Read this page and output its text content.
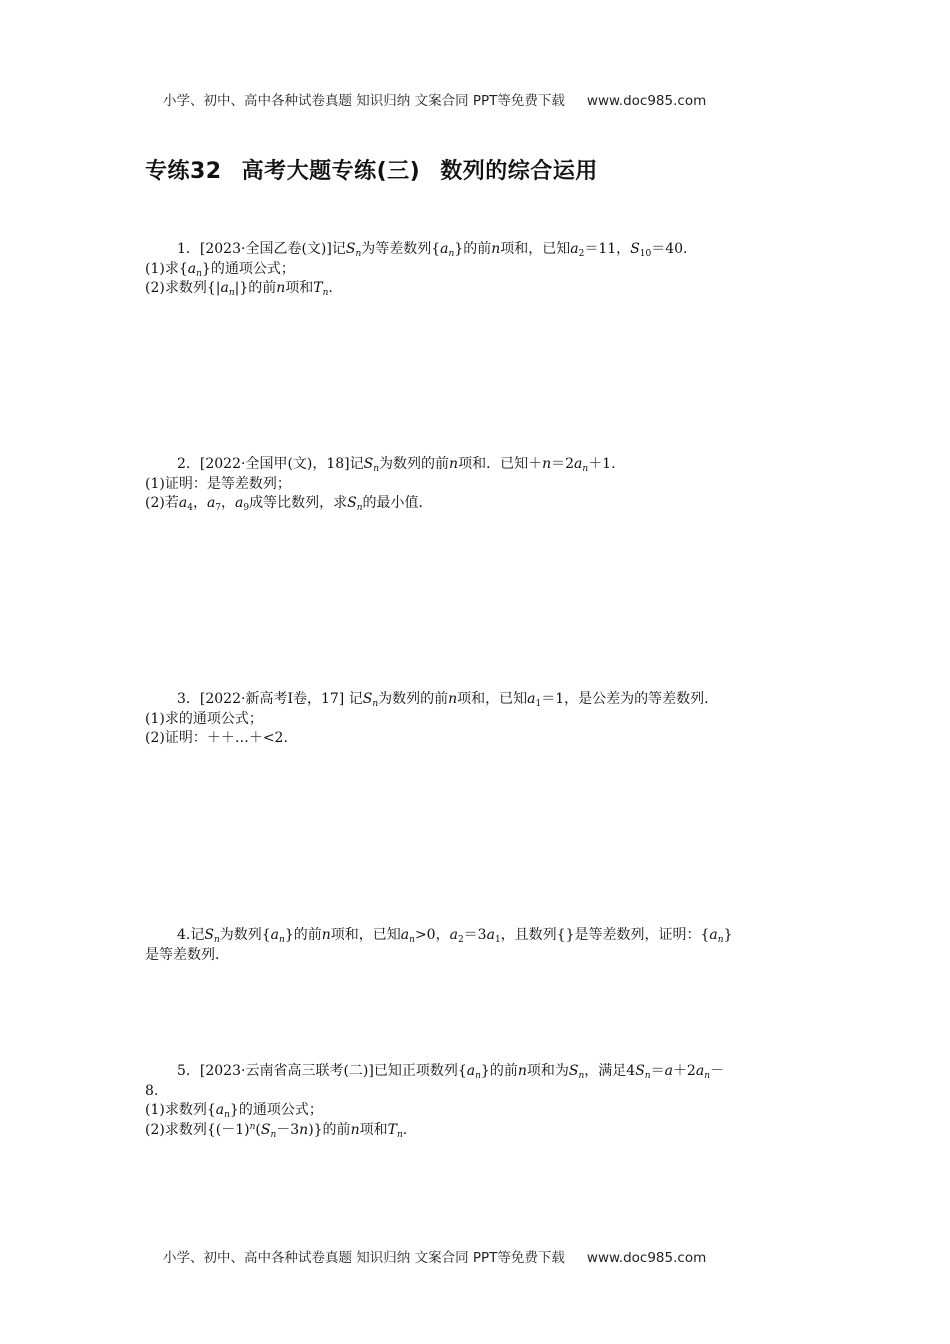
小学、初中、高中各种试卷真题 知识归纳 文案合同 PPT等免费下载 www.doc985.com
专练32 高考大题专练(三) 数列的综合运用
1．[2023·全国乙卷(文)]记$S_n$为等差数列$\{a_n\}$的前n项和，已知$a_2=11$，$S_{10}=40$.
(1)求$\{a_n\}$的通项公式；
(2)求数列$\{|a_n|\}$的前n项和$T_n$.
2．[2022·全国甲(文)，18]记$S_n$为数列的前n项和．已知$+n=2a_n+1$.
(1)证明：是等差数列；
(2)若$a_4$，$a_7$，$a_9$成等比数列，求$S_n$的最小值．
3．[2022·新高考Ⅰ卷，17] 记$S_n$为数列的前n项和，已知$a_1=1$，是公差为的等差数列．
(1)求的通项公式；
(2)证明：＋＋…＋<2.
4.记$S_n$为数列$\{a_n\}$的前n项和，已知$a_n>0$，$a_2=3a_1$，且数列{}是等差数列，证明：$\{a_n\}$
是等差数列．
5．[2023·云南省高三联考(二)]已知正项数列$\{a_n\}$的前n项和为$S_n$，满足$4S_n=a+2a_n-$
8.
(1)求数列$\{a_n\}$的通项公式；
(2)求数列$\{(-1)^n(S_n-3n)\}$的前n项和$T_n$.
小学、初中、高中各种试卷真题 知识归纳 文案合同 PPT等免费下载 www.doc985.com
